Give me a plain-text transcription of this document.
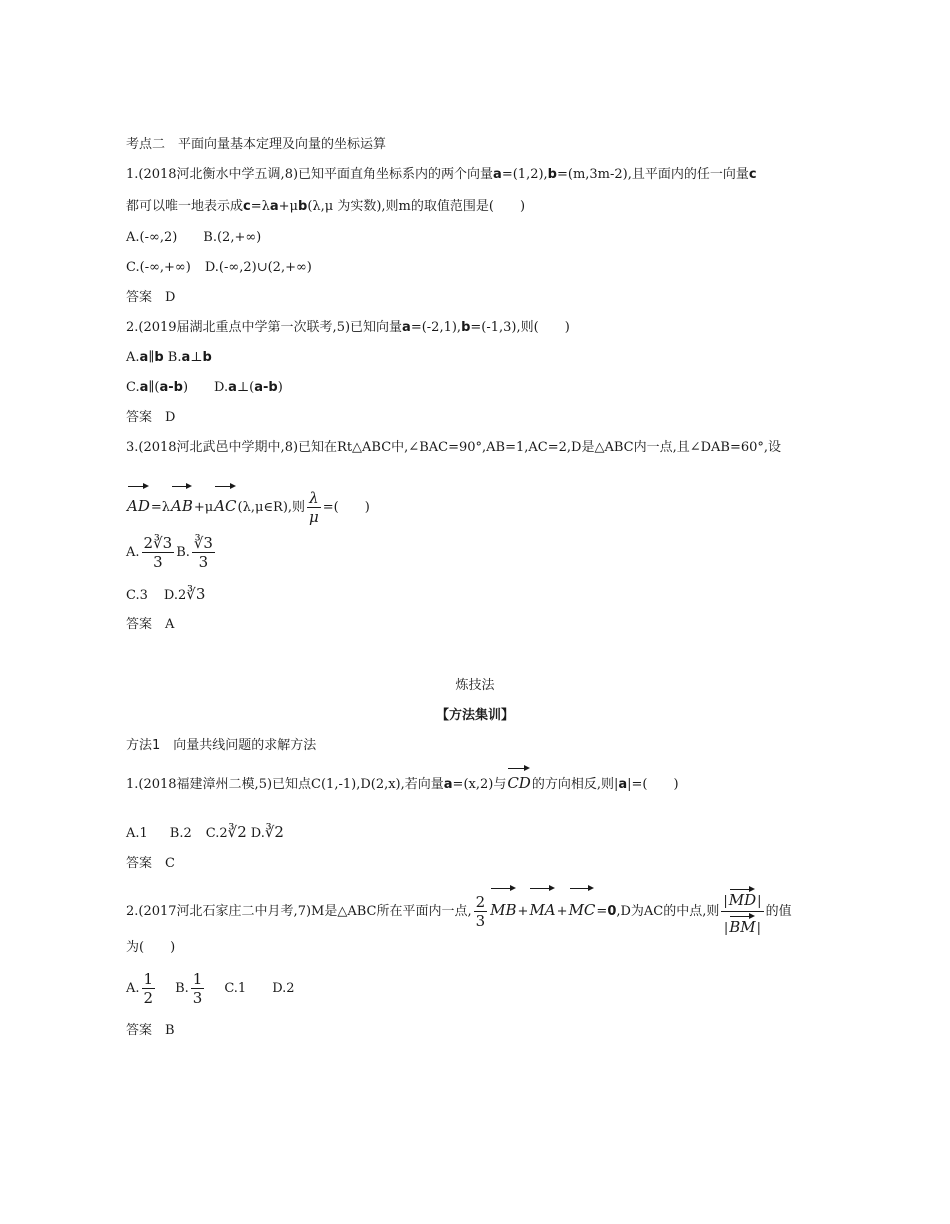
考点二　平面向量基本定理及向量的坐标运算
1.(2018河北衡水中学五调,8)已知平面直角坐标系内的两个向量a=(1,2),b=(m,3m-2),且平面内的任一向量c
都可以唯一地表示成c=λa+μb(λ,μ 为实数),则m的取值范围是(　　)
A.(-∞,2) B.(2,+∞)
C.(-∞,+∞) D.(-∞,2)∪(2,+∞)
答案　D
2.(2019届湖北重点中学第一次联考,5)已知向量a=(-2,1),b=(-1,3),则(　　)
A.a∥b B.a⊥b
C.a∥(a-b) D.a⊥(a-b)
答案　D
3.(2018河北武邑中学期中,8)已知在Rt△ABC中,∠BAC=90°,AB=1,AC=2,D是△ABC内一点,且∠DAB=60°,设
AD=λAB+μAC(λ,μ∈R),则 $\frac{\lambda}{\mu}$ =(　　)
A. $\frac{2∛3}{3} B$. $\frac{∛3}{3}$
C.3 D.2∛3
答案　A
炼技法
【方法集训】
方法1　向量共线问题的求解方法
1.(2018福建漳州二模,5)已知点C(1,-1),D(2,x),若向量a=(x,2)与CD的方向相反,则|a|=(　　)
A.1 B.2 C.2∛2 D.∛2
答案　C
2.(2017河北石家庄二中月考,7)M是△ABC所在平面内一点, $\frac{2}{3} MB+MA+MC=0,D$为AC的中点,则 $\frac{|MD|}{|BM|}$ 的值
为(　　)
A. $\frac{1}{2} B$. $\frac{1}{3} C.1$ D.2
答案　B
